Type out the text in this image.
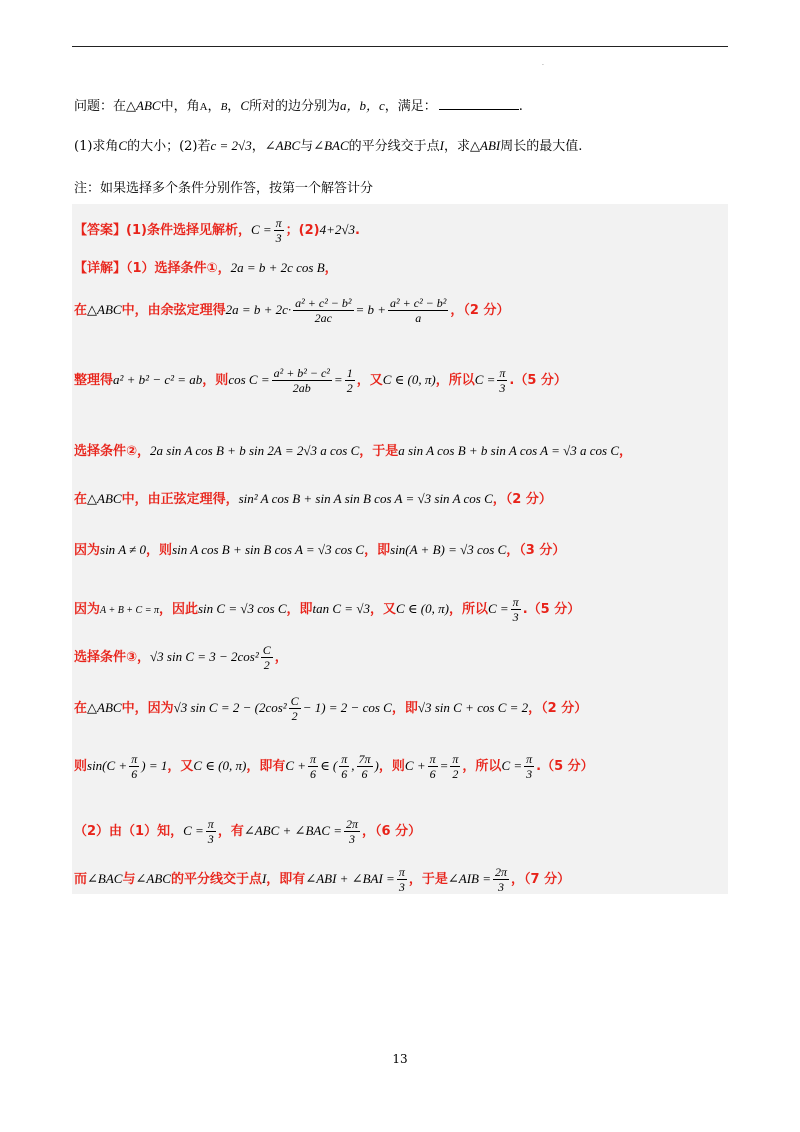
.
问题：在△ABC中，角A，B，C所对的边分别为a，b，c，满足：	.
(1)求角C的大小；(2)若c = 2√3，∠ABC与∠BAC的平分线交于点I，求△ABI周长的最大值.
注：如果选择多个条件分别作答，按第一个解答计分
【答案】(1)条件选择见解析，$C = \frac{\pi}{3}$ ；(2)4+2√3.
【详解】（1）选择条件①，2a = b + 2c cos B，
在△ABC中，由余弦定理得$2a = b + 2c\cdot \frac{\text{a² + c² − b²}}{2ac} = b + \frac{\text{a² + c² − b²}}{a}$ ，（2 分）
整理得a² + b² − c² = ab，则$\cos C = \frac{\text{a² + b² − c²}}{2ab} = \frac{1}{2}$ ，又C ∈ (0, π)，所以$C = \frac{\pi}{3} .(5$ 分）
选择条件②，2a sin A cos B + b sin 2A = 2√3 a cos C，于是a sin A cos B + b sin A cos A = √3 a cos C，
在△ABC中，由正弦定理得，sin² A cos B + sin A sin B cos A = √3 sin A cos C，（2 分）
因为sin A ≠ 0，则sin A cos B + sin B cos A = √3 cos C，即sin(A + B) = √3 cos C，（3 分）
因为A + B + C = π，因此sin C = √3 cos C，即tan C = √3，又C ∈ (0, π)，所以$C = \frac{\pi}{3} .(5$ 分）
选择条件③，√3 $\sin C = 3 - 2\cos^2 \frac{C}{2}$ ，
在△ABC中，因为√3 $\sin C = 2 - (2\cos^2 \frac{C}{2} - 1) = 2 - \cos C$，即√3 sin C + cos C = 2，（2 分）
则$\sin(C + \frac{\pi}{6}$ ) = 1，又C ∈ (0, π)，即有$C + \frac{\pi}{6}$ ∈ ( $\frac{\pi}{6}$ , $\frac{7\pi}{6}$ )，则$C + \frac{\pi}{6} = \frac{\pi}{2}$ ，所以$C = \frac{\pi}{3} .(5$ 分）
（2）由（1）知，$C = \frac{\pi}{3}$ ，有∠ABC + ∠BAC = $\frac{2\pi}{3}$ ，（6 分）
而∠BAC与∠ABC的平分线交于点I，即有∠ABI + ∠BAI = $\frac{\pi}{3}$ ，于是∠AIB = $\frac{2\pi}{3}$ ，（7 分）
13
